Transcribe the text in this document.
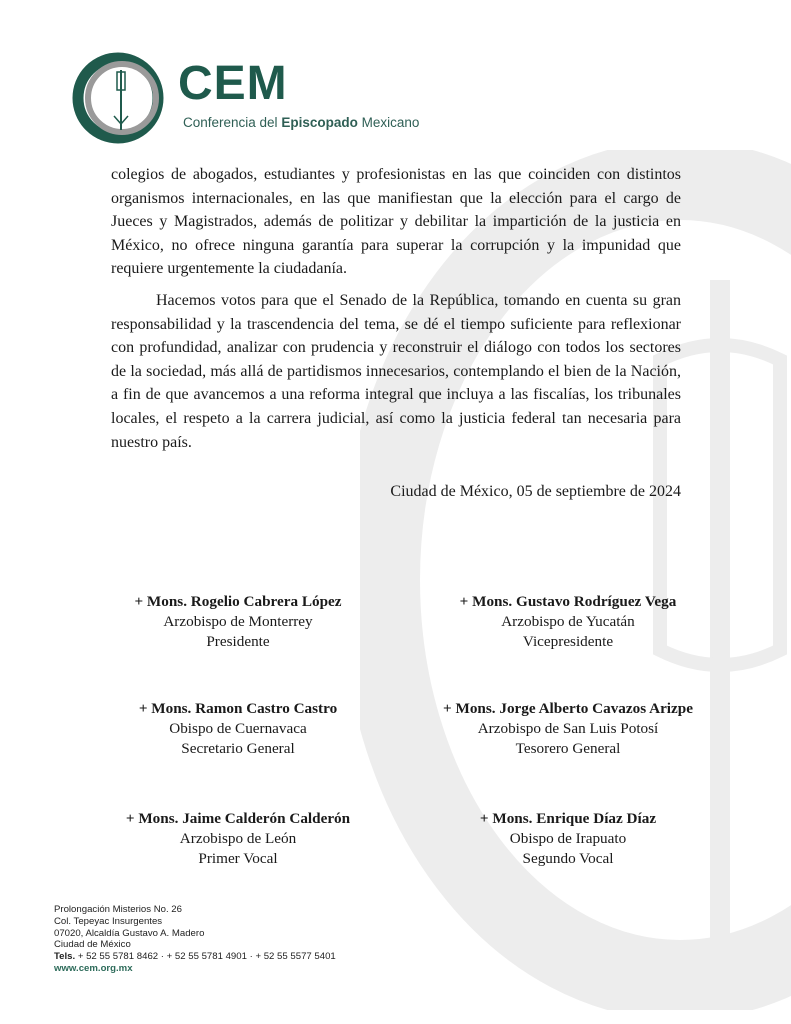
CEM
Conferencia del Episcopado Mexicano

colegios de abogados, estudiantes y profesionistas en las que coinciden con distintos organismos internacionales, en las que manifiestan que la elección para el cargo de Jueces y Magistrados, además de politizar y debilitar la impartición de la justicia en México, no ofrece ninguna garantía para superar la corrupción y la impunidad que requiere urgentemente la ciudadanía.

Hacemos votos para que el Senado de la República, tomando en cuenta su gran responsabilidad y la trascendencia del tema, se dé el tiempo suficiente para reflexionar con profundidad, analizar con prudencia y reconstruir el diálogo con todos los sectores de la sociedad, más allá de partidismos innecesarios, contemplando el bien de la Nación, a fin de que avancemos a una reforma integral que incluya a las fiscalías, los tribunales locales, el respeto a la carrera judicial, así como la justicia federal tan necesaria para nuestro país.

Ciudad de México, 05 de septiembre de 2024
+ Mons. Rogelio Cabrera López
Arzobispo de Monterrey
Presidente
+ Mons. Gustavo Rodríguez Vega
Arzobispo de Yucatán
Vicepresidente
+ Mons. Ramon Castro Castro
Obispo de Cuernavaca
Secretario General
+ Mons. Jorge Alberto Cavazos Arizpe
Arzobispo de San Luis Potosí
Tesorero General
+ Mons. Jaime Calderón Calderón
Arzobispo de León
Primer Vocal
+ Mons. Enrique Díaz Díaz
Obispo de Irapuato
Segundo Vocal
Prolongación Misterios No. 26
Col. Tepeyac Insurgentes
07020, Alcaldía Gustavo A. Madero
Ciudad de México
Tels. + 52 55 5781 8462 · + 52 55 5781 4901 · + 52 55 5577 5401
www.cem.org.mx
